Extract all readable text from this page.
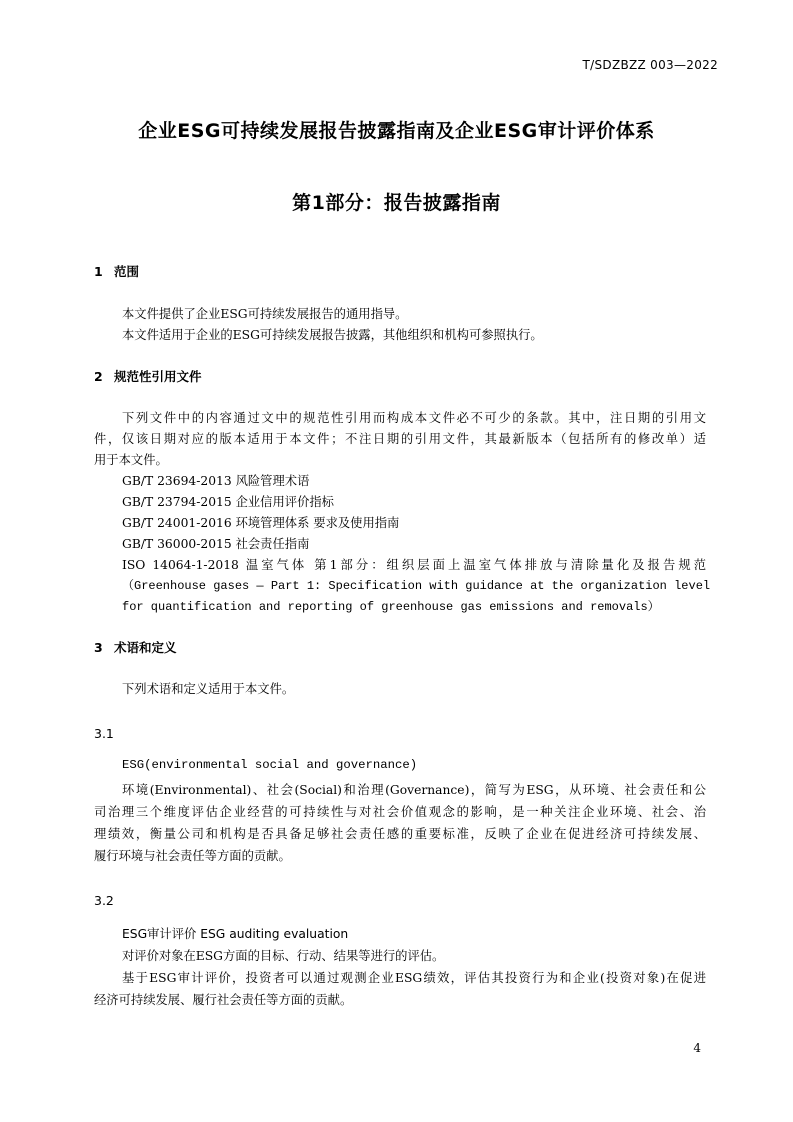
T/SDZBZZ 003—2022
企业ESG可持续发展报告披露指南及企业ESG审计评价体系
第1部分：报告披露指南
1 范围
本文件提供了企业ESG可持续发展报告的通用指导。
本文件适用于企业的ESG可持续发展报告披露，其他组织和机构可参照执行。
2 规范性引用文件
下列文件中的内容通过文中的规范性引用而构成本文件必不可少的条款。其中，注日期的引用文
件，仅该日期对应的版本适用于本文件；不注日期的引用文件，其最新版本（包括所有的修改单）适
用于本文件。
GB/T 23694-2013 风险管理术语
GB/T 23794-2015 企业信用评价指标
GB/T 24001-2016 环境管理体系 要求及使用指南
GB/T 36000-2015 社会责任指南
ISO 14064-1-2018 温室气体 第1部分：组织层面上温室气体排放与清除量化及报告规范
（Greenhouse gases — Part 1: Specification with guidance at the organization level
for quantification and reporting of greenhouse gas emissions and removals）
3 术语和定义
下列术语和定义适用于本文件。
3.1
ESG(environmental social and governance)
环境(Environmental)、社会(Social)和治理(Governance)，简写为ESG，从环境、社会责任和公
司治理三个维度评估企业经营的可持续性与对社会价值观念的影响，是一种关注企业环境、社会、治
理绩效，衡量公司和机构是否具备足够社会责任感的重要标准，反映了企业在促进经济可持续发展、
履行环境与社会责任等方面的贡献。
3.2
ESG审计评价 ESG auditing evaluation
对评价对象在ESG方面的目标、行动、结果等进行的评估。
基于ESG审计评价，投资者可以通过观测企业ESG绩效，评估其投资行为和企业(投资对象)在促进
经济可持续发展、履行社会责任等方面的贡献。
4
